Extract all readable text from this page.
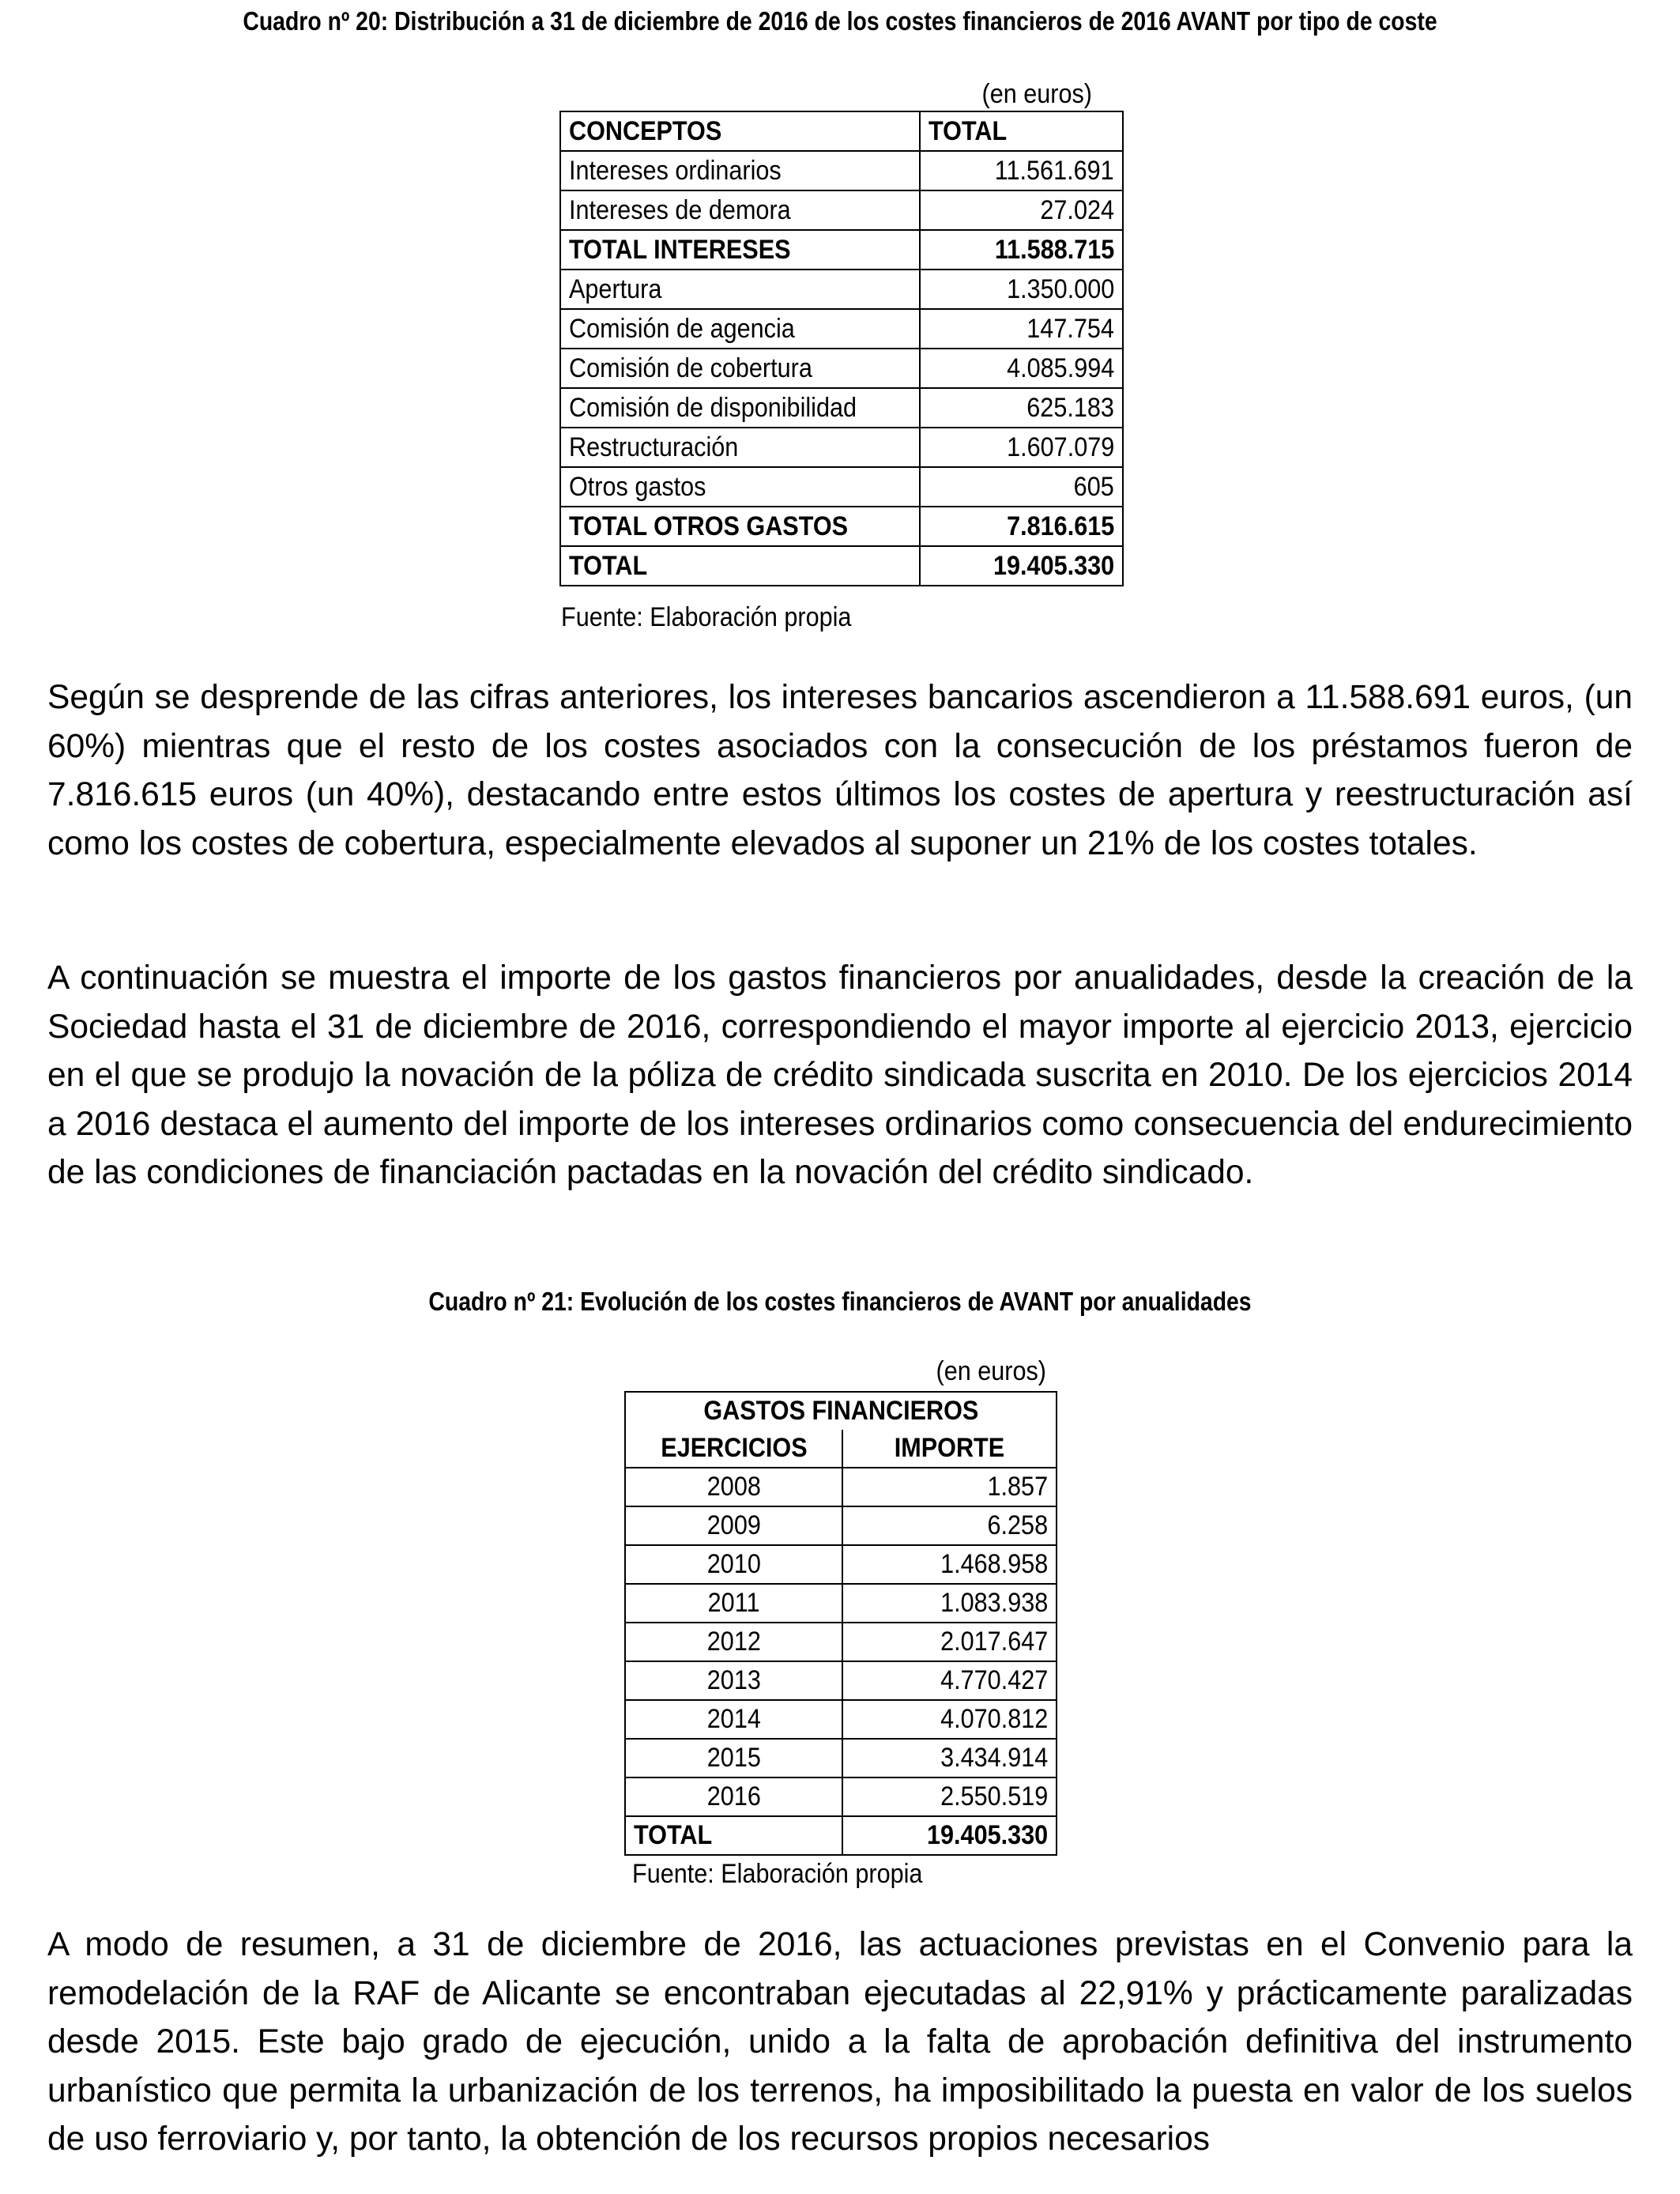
Cuadro nº 20: Distribución a 31 de diciembre de 2016 de los costes financieros de 2016 AVANT por tipo de coste
(en euros)
CONCEPTOS	TOTAL
Intereses ordinarios	11.561.691
Intereses de demora	27.024
TOTAL INTERESES	11.588.715
Apertura	1.350.000
Comisión de agencia	147.754
Comisión de cobertura	4.085.994
Comisión de disponibilidad	625.183
Restructuración	1.607.079
Otros gastos	605
TOTAL OTROS GASTOS	7.816.615
TOTAL	19.405.330
Fuente: Elaboración propia

Según se desprende de las cifras anteriores, los intereses bancarios ascendieron a 11.588.691 euros, (un 60%) mientras que el resto de los costes asociados con la consecución de los préstamos fueron de 7.816.615 euros (un 40%), destacando entre estos últimos los costes de apertura y reestructuración así como los costes de cobertura, especialmente elevados al suponer un 21% de los costes totales.

A continuación se muestra el importe de los gastos financieros por anualidades, desde la creación de la Sociedad hasta el 31 de diciembre de 2016, correspondiendo el mayor importe al ejercicio 2013, ejercicio en el que se produjo la novación de la póliza de crédito sindicada suscrita en 2010. De los ejercicios 2014 a 2016 destaca el aumento del importe de los intereses ordinarios como consecuencia del endurecimiento de las condiciones de financiación pactadas en la novación del crédito sindicado.

Cuadro nº 21: Evolución de los costes financieros de AVANT por anualidades
(en euros)
GASTOS FINANCIEROS	
EJERCICIOS	IMPORTE
2008	1.857
2009	6.258
2010	1.468.958
2011	1.083.938
2012	2.017.647
2013	4.770.427
2014	4.070.812
2015	3.434.914
2016	2.550.519
TOTAL	19.405.330
Fuente: Elaboración propia

A modo de resumen, a 31 de diciembre de 2016, las actuaciones previstas en el Convenio para la remodelación de la RAF de Alicante se encontraban ejecutadas al 22,91% y prácticamente paralizadas desde 2015. Este bajo grado de ejecución, unido a la falta de aprobación definitiva del instrumento urbanístico que permita la urbanización de los terrenos, ha imposibilitado la puesta en valor de los suelos de uso ferroviario y, por tanto, la obtención de los recursos propios necesarios
